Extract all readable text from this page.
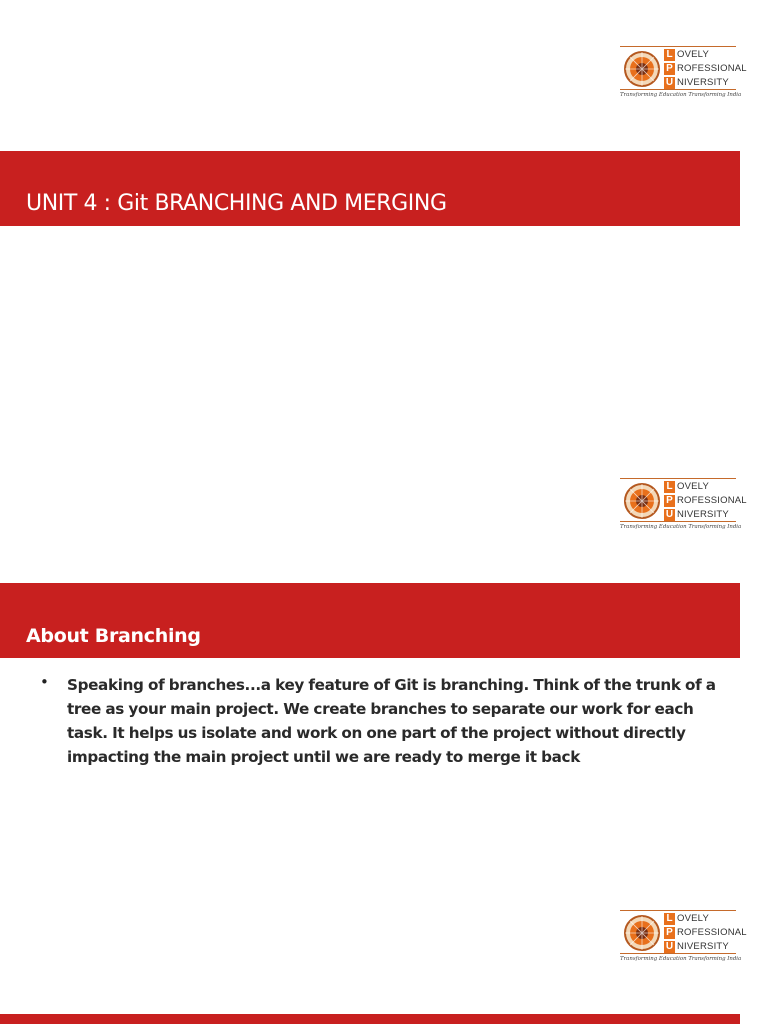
L OVELY
P ROFESSIONAL
U NIVERSITY
Transforming Education Transforming India
UNIT 4 : Git BRANCHING AND MERGING
L OVELY
P ROFESSIONAL
U NIVERSITY
Transforming Education Transforming India
About Branching
• Speaking of branches...a key feature of Git is branching. Think of the trunk of a tree as your main project. We create branches to separate our work for each task. It helps us isolate and work on one part of the project without directly impacting the main project until we are ready to merge it back
L OVELY
P ROFESSIONAL
U NIVERSITY
Transforming Education Transforming India
